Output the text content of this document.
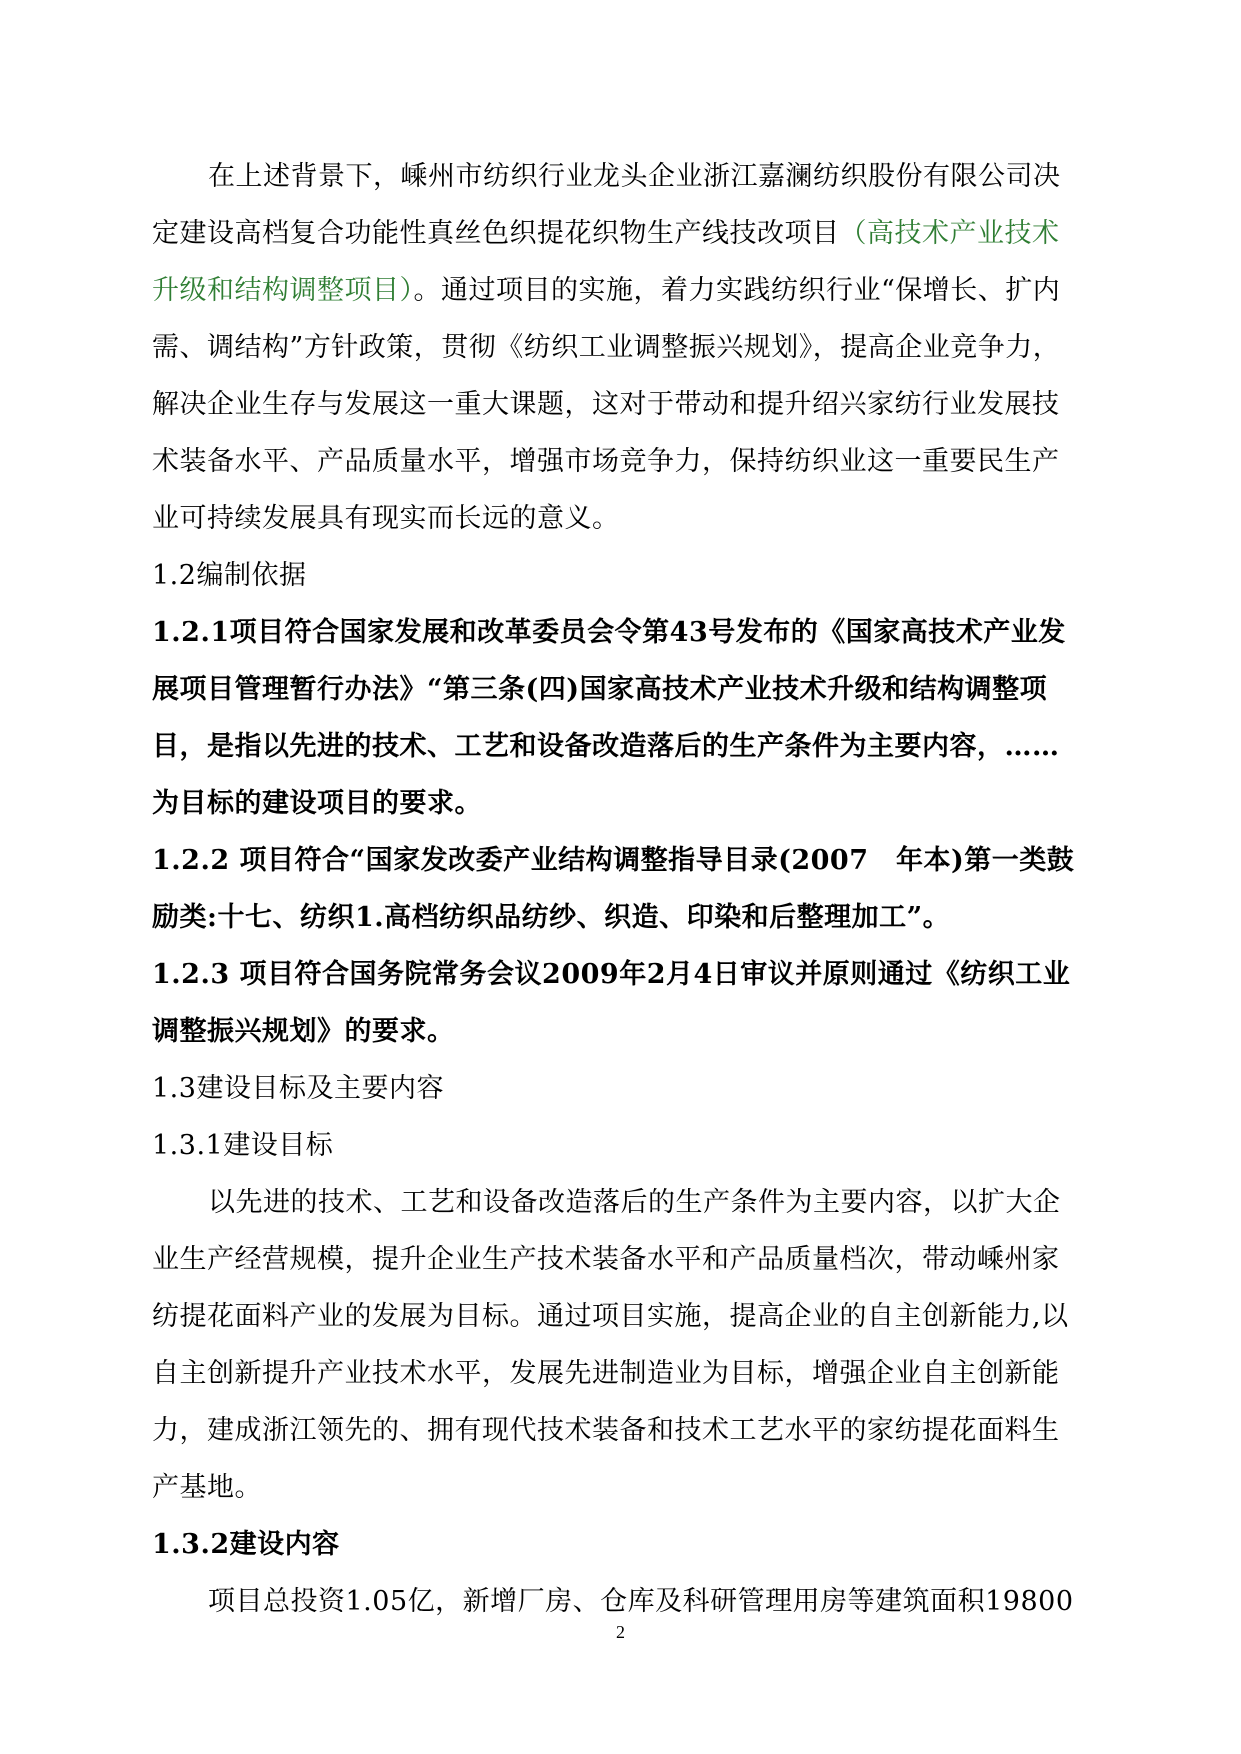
在上述背景下，嵊州市纺织行业龙头企业浙江嘉澜纺织股份有限公司决
定建设高档复合功能性真丝色织提花织物生产线技改项目（高技术产业技术
升级和结构调整项目）。通过项目的实施，着力实践纺织行业“保增长、扩内
需、调结构”方针政策，贯彻《纺织工业调整振兴规划》，提高企业竞争力，
解决企业生存与发展这一重大课题，这对于带动和提升绍兴家纺行业发展技
术装备水平、产品质量水平，增强市场竞争力，保持纺织业这一重要民生产
业可持续发展具有现实而长远的意义。
1.2编制依据
1.2.1项目符合国家发展和改革委员会令第43号发布的《国家高技术产业发
展项目管理暂行办法》“第三条(四)国家高技术产业技术升级和结构调整项
目，是指以先进的技术、工艺和设备改造落后的生产条件为主要内容，……
为目标的建设项目的要求。
1.2.2 项目符合“国家发改委产业结构调整指导目录(2007　年本)第一类鼓
励类:十七、纺织1.高档纺织品纺纱、织造、印染和后整理加工”。
1.2.3 项目符合国务院常务会议2009年2月4日审议并原则通过《纺织工业
调整振兴规划》的要求。
1.3建设目标及主要内容
1.3.1建设目标
以先进的技术、工艺和设备改造落后的生产条件为主要内容，以扩大企
业生产经营规模，提升企业生产技术装备水平和产品质量档次，带动嵊州家
纺提花面料产业的发展为目标。通过项目实施，提高企业的自主创新能力,以
自主创新提升产业技术水平，发展先进制造业为目标，增强企业自主创新能
力，建成浙江领先的、拥有现代技术装备和技术工艺水平的家纺提花面料生
产基地。
1.3.2建设内容
项目总投资1.05亿，新增厂房、仓库及科研管理用房等建筑面积19800
2
